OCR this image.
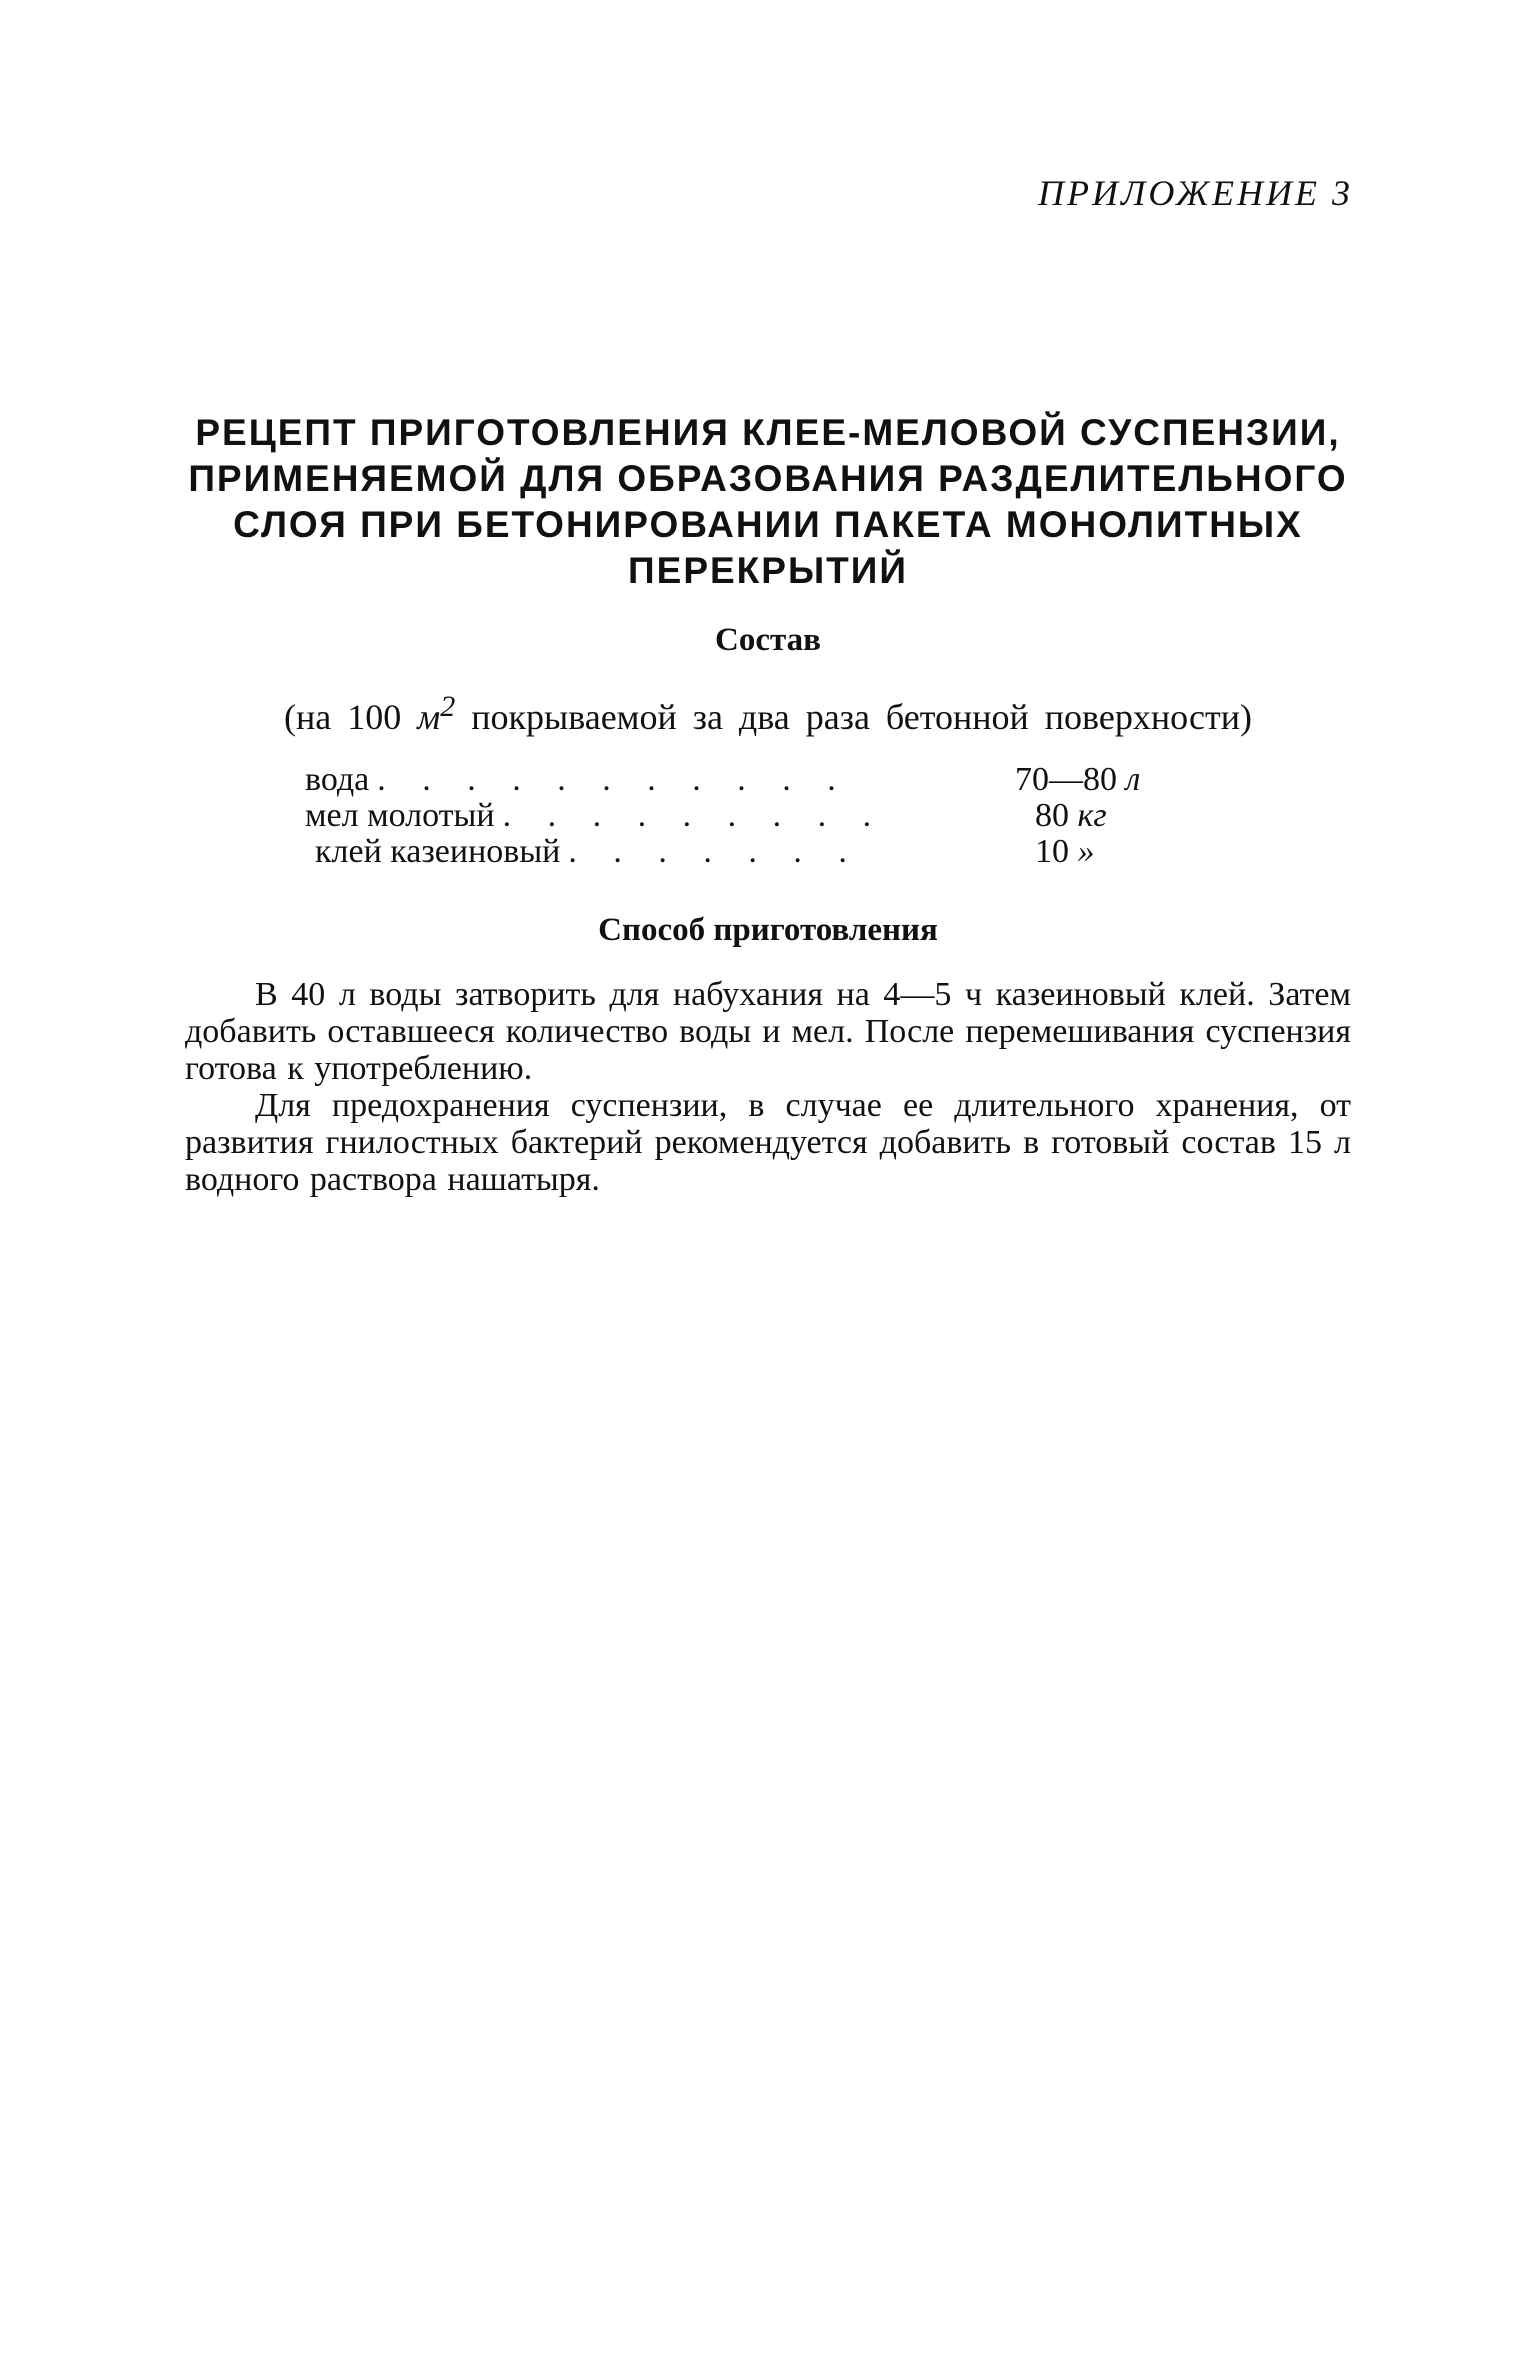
ПРИЛОЖЕНИЕ 3

РЕЦЕПТ ПРИГОТОВЛЕНИЯ КЛЕЕ-МЕЛОВОЙ СУСПЕНЗИИ,
ПРИМЕНЯЕМОЙ ДЛЯ ОБРАЗОВАНИЯ РАЗДЕЛИТЕЛЬНОГО
СЛОЯ ПРИ БЕТОНИРОВАНИИ ПАКЕТА МОНОЛИТНЫХ
ПЕРЕКРЫТИЙ
Состав

(на 100 $м^2$ покрываемой за два раза бетонной поверхности)

вода . . . . . . . . . . .	70—80 л
мел молотый . . . . . . . . .	80 кг
клей казеиновый . . . . . . .	10 »
Способ приготовления

В 40 л воды затворить для набухания на 4—5 ч казеиновый клей. Затем добавить оставшееся количество воды и мел. После перемешивания суспензия готова к употреблению.

Для предохранения суспензии, в случае ее длительного хранения, от развития гнилостных бактерий рекомендуется добавить в готовый состав 15 л водного раствора нашатыря.
